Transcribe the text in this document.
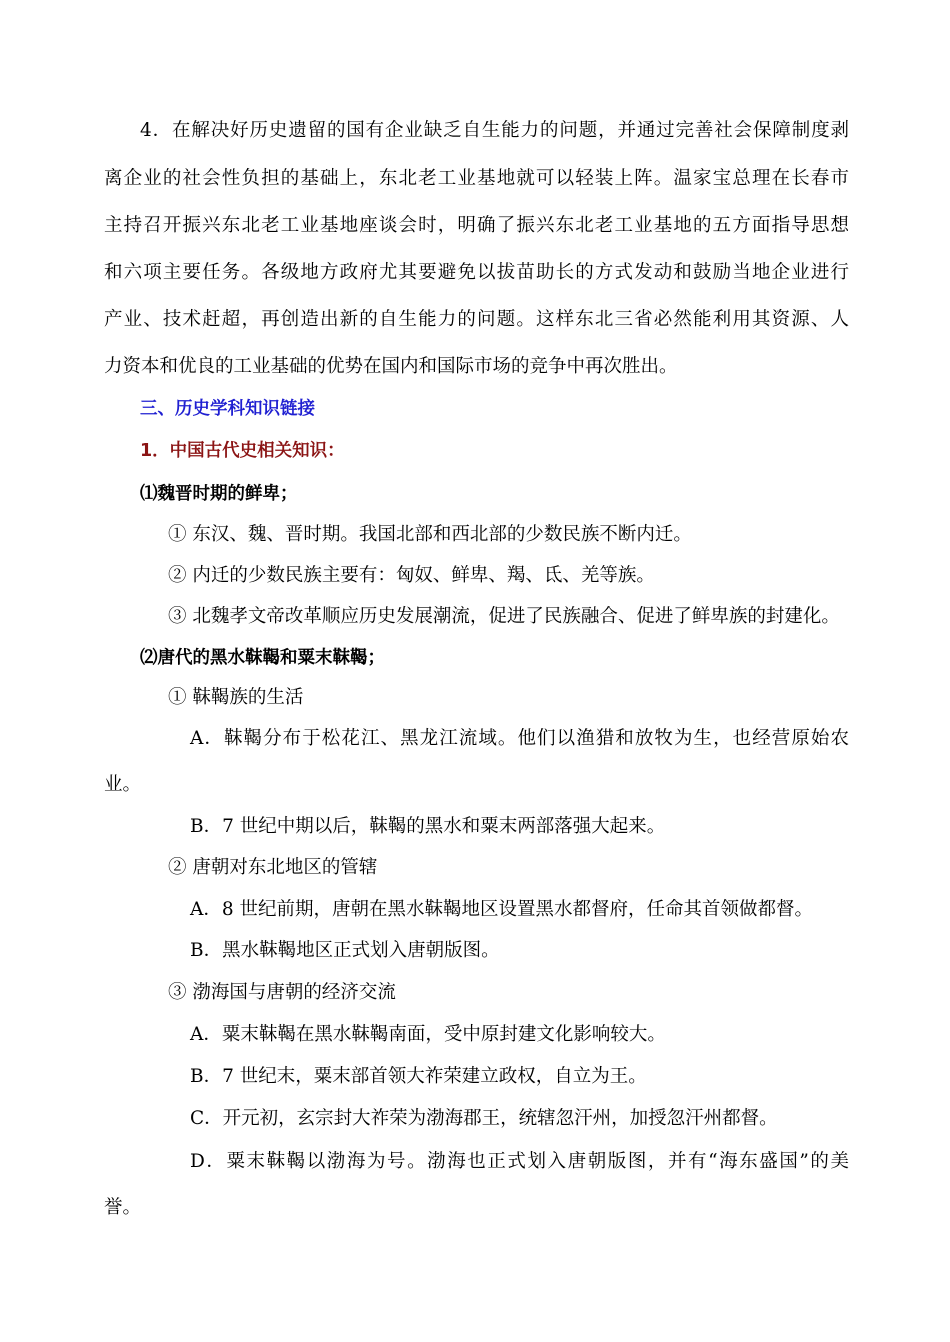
4．在解决好历史遗留的国有企业缺乏自生能力的问题，并通过完善社会保障制度剥
离企业的社会性负担的基础上，东北老工业基地就可以轻装上阵。温家宝总理在长春市
主持召开振兴东北老工业基地座谈会时，明确了振兴东北老工业基地的五方面指导思想
和六项主要任务。各级地方政府尤其要避免以拔苗助长的方式发动和鼓励当地企业进行
产业、技术赶超，再创造出新的自生能力的问题。这样东北三省必然能利用其资源、人
力资本和优良的工业基础的优势在国内和国际市场的竞争中再次胜出。
三、历史学科知识链接
1．中国古代史相关知识：
⑴魏晋时期的鲜卑；
① 东汉、魏、晋时期。我国北部和西北部的少数民族不断内迁。
② 内迁的少数民族主要有：匈奴、鲜卑、羯、氐、羌等族。
③ 北魏孝文帝改革顺应历史发展潮流，促进了民族融合、促进了鲜卑族的封建化。
⑵唐代的黑水靺鞨和粟末靺鞨；
① 靺鞨族的生活
A．靺鞨分布于松花江、黑龙江流域。他们以渔猎和放牧为生，也经营原始农
业。
B．7 世纪中期以后，靺鞨的黑水和粟末两部落强大起来。
② 唐朝对东北地区的管辖
A．8 世纪前期，唐朝在黑水靺鞨地区设置黑水都督府，任命其首领做都督。
B．黑水靺鞨地区正式划入唐朝版图。
③ 渤海国与唐朝的经济交流
A．粟末靺鞨在黑水靺鞨南面，受中原封建文化影响较大。
B．7 世纪末，粟末部首领大祚荣建立政权，自立为王。
C．开元初，玄宗封大祚荣为渤海郡王，统辖忽汗州，加授忽汗州都督。
D．粟末靺鞨以渤海为号。渤海也正式划入唐朝版图，并有“海东盛国”的美
誉。
